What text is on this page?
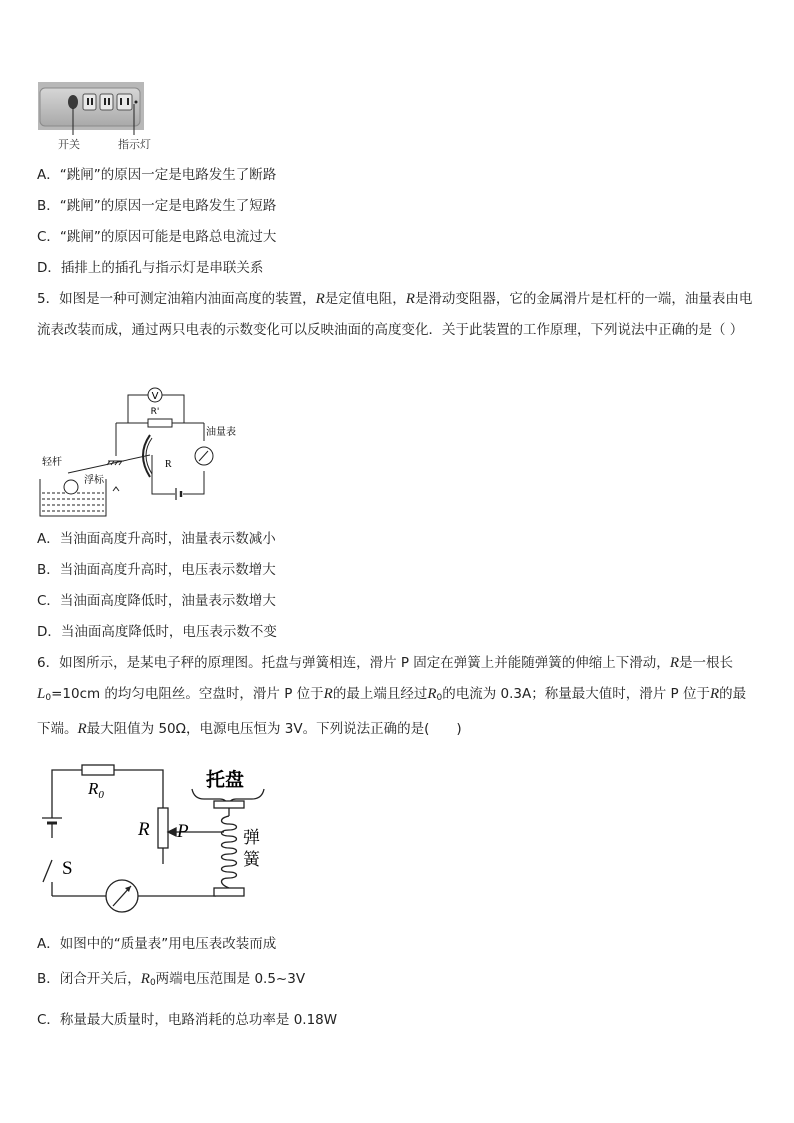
开关	指示灯
A．“跳闸”的原因一定是电路发生了断路
B．“跳闸”的原因一定是电路发生了短路
C．“跳闸”的原因可能是电路总电流过大
D．插排上的插孔与指示灯是串联关系
5．如图是一种可测定油箱内油面高度的装置，R是定值电阻，R是滑动变阻器，它的金属滑片是杠杆的一端，油量表由电流表改装而成，通过两只电表的示数变化可以反映油面的高度变化．关于此装置的工作原理，下列说法中正确的是（ ）
V
R'
油量表
R
轻杆
浮标
A．当油面高度升高时，油量表示数减小
B．当油面高度升高时，电压表示数增大
C．当油面高度降低时，油量表示数增大
D．当油面高度降低时，电压表示数不变
6．如图所示，是某电子秤的原理图。托盘与弹簧相连，滑片 P 固定在弹簧上并能随弹簧的伸缩上下滑动，R是一根长$L_0=10cm$ 的均匀电阻丝。空盘时，滑片 P 位于R的最上端且经过$R_0$的电流为 0.3A；称量最大值时，滑片 P 位于R的最下端。R最大阻值为 50Ω，电源电压恒为 3V。下列说法正确的是(　　)
$R_0$
R P
S
托盘
弹
簧
A．如图中的“质量表”用电压表改装而成
B．闭合开关后，$R_0$两端电压范围是 0.5~3V
C．称量最大质量时，电路消耗的总功率是 0.18W
